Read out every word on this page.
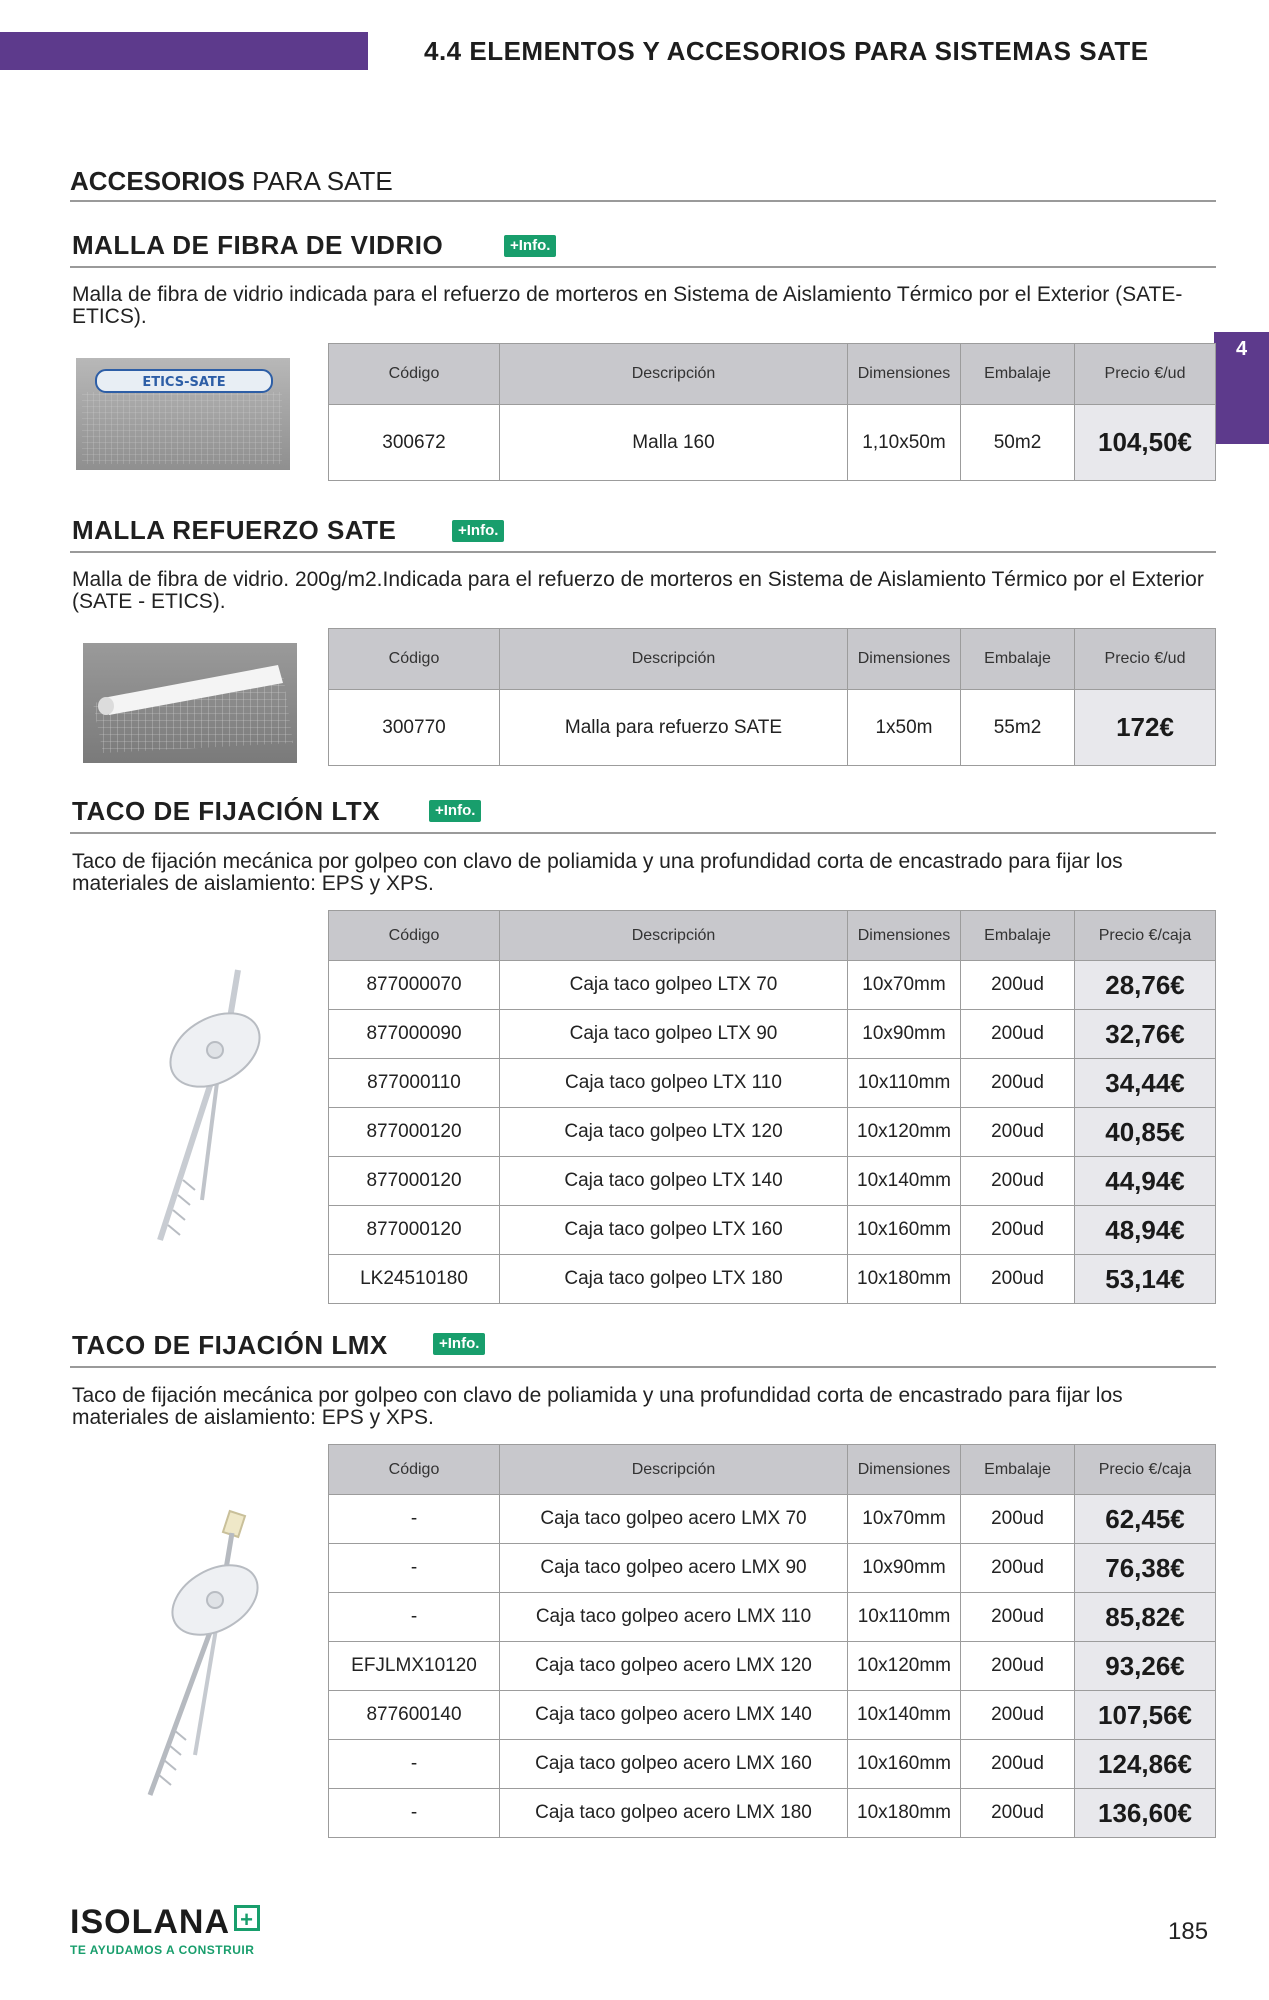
4.4 ELEMENTOS Y ACCESORIOS PARA SISTEMAS SATE
4
ACCESORIOS PARA SATE
MALLA DE FIBRA DE VIDRIO	+Info.
Malla de fibra de vidrio indicada para el refuerzo de morteros en Sistema de Aislamiento Térmico por el Exterior (SATE-ETICS).
ETICS-SATE
Código	Descripción	Dimensiones	Embalaje	Precio €/ud
300672	Malla 160	1,10x50m	50m2	104,50€
MALLA REFUERZO SATE	+Info.
Malla de fibra de vidrio. 200g/m2.Indicada para el refuerzo de morteros en Sistema de Aislamiento Térmico por el Exterior (SATE - ETICS).
Código	Descripción	Dimensiones	Embalaje	Precio €/ud
300770	Malla para refuerzo SATE	1x50m	55m2	172€
TACO DE FIJACIÓN LTX	+Info.
Taco de fijación mecánica por golpeo con clavo de poliamida y una profundidad corta de encastrado para fijar los materiales de aislamiento: EPS y XPS.
Código	Descripción	Dimensiones	Embalaje	Precio €/caja
877000070	Caja taco golpeo LTX 70	10x70mm	200ud	28,76€
877000090	Caja taco golpeo LTX 90	10x90mm	200ud	32,76€
877000110	Caja taco golpeo LTX 110	10x110mm	200ud	34,44€
877000120	Caja taco golpeo LTX 120	10x120mm	200ud	40,85€
877000120	Caja taco golpeo LTX 140	10x140mm	200ud	44,94€
877000120	Caja taco golpeo LTX 160	10x160mm	200ud	48,94€
LK24510180	Caja taco golpeo LTX 180	10x180mm	200ud	53,14€
TACO DE FIJACIÓN LMX	+Info.
Taco de fijación mecánica por golpeo con clavo de poliamida y una profundidad corta de encastrado para fijar los materiales de aislamiento: EPS y XPS.
Código	Descripción	Dimensiones	Embalaje	Precio €/caja
-	Caja taco golpeo acero LMX 70	10x70mm	200ud	62,45€
-	Caja taco golpeo acero LMX 90	10x90mm	200ud	76,38€
-	Caja taco golpeo acero LMX 110	10x110mm	200ud	85,82€
EFJLMX10120	Caja taco golpeo acero LMX 120	10x120mm	200ud	93,26€
877600140	Caja taco golpeo acero LMX 140	10x140mm	200ud	107,56€
-	Caja taco golpeo acero LMX 160	10x160mm	200ud	124,86€
-	Caja taco golpeo acero LMX 180	10x180mm	200ud	136,60€
ISOLANA +
TE AYUDAMOS A CONSTRUIR
185
